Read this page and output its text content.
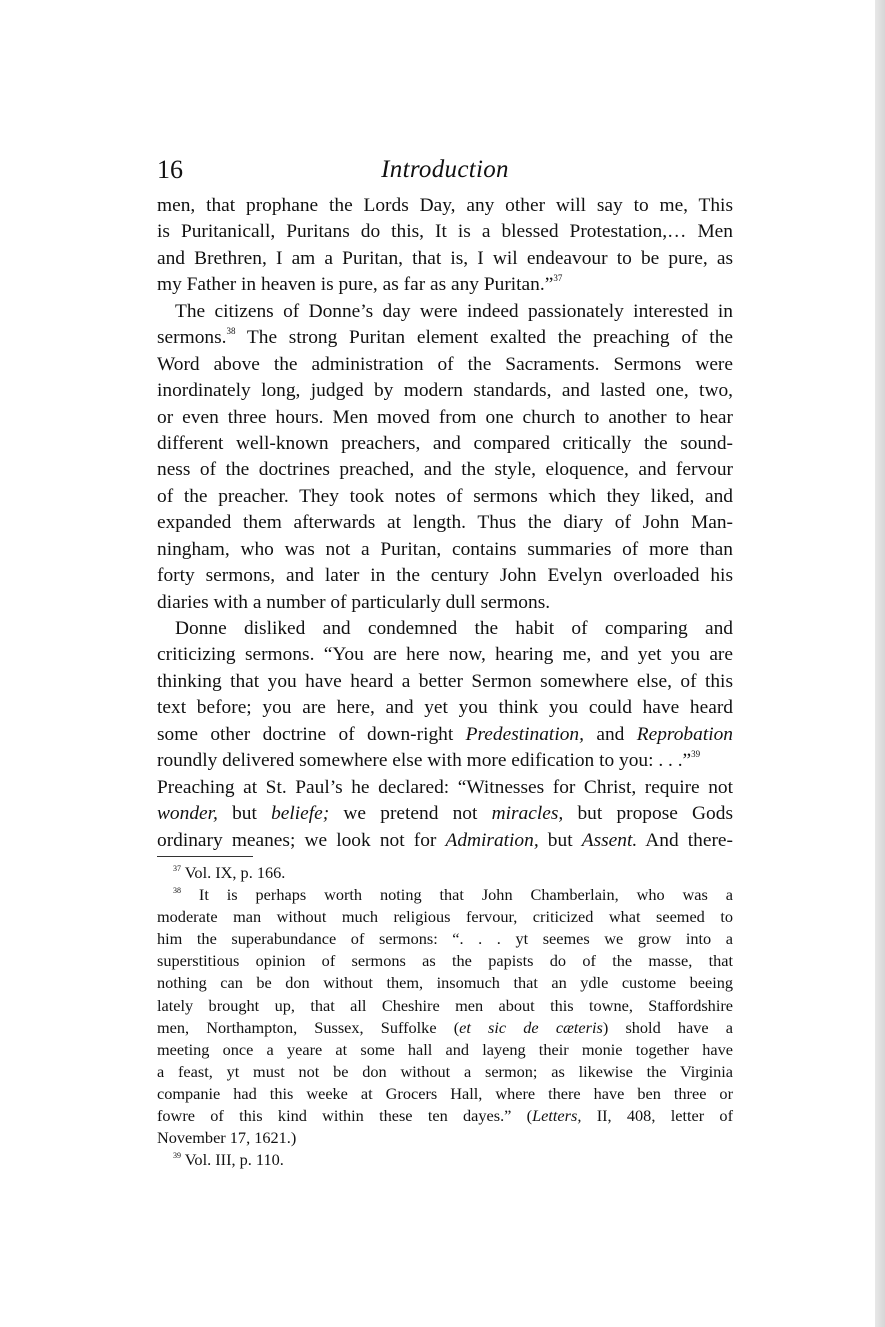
16	Introduction
men, that prophane the Lords Day, any other will say to me, This
is Puritanicall, Puritans do this, It is a blessed Protestation,… Men
and Brethren, I am a Puritan, that is, I wil endeavour to be pure, as
my Father in heaven is pure, as far as any Puritan.”$^{37}$
The citizens of Donne’s day were indeed passionately interested in
sermons.$^{38}$ The strong Puritan element exalted the preaching of the
Word above the administration of the Sacraments. Sermons were
inordinately long, judged by modern standards, and lasted one, two,
or even three hours. Men moved from one church to another to hear
different well-known preachers, and compared critically the sound-
ness of the doctrines preached, and the style, eloquence, and fervour
of the preacher. They took notes of sermons which they liked, and
expanded them afterwards at length. Thus the diary of John Man-
ningham, who was not a Puritan, contains summaries of more than
forty sermons, and later in the century John Evelyn overloaded his
diaries with a number of particularly dull sermons.
Donne disliked and condemned the habit of comparing and
criticizing sermons. “You are here now, hearing me, and yet you are
thinking that you have heard a better Sermon somewhere else, of this
text before; you are here, and yet you think you could have heard
some other doctrine of down-right Predestination, and Reprobation
roundly delivered somewhere else with more edification to you: . . .”$^{39}$
Preaching at St. Paul’s he declared: “Witnesses for Christ, require not
wonder, but beliefe; we pretend not miracles, but propose Gods
ordinary meanes; we look not for Admiration, but Assent. And there-
$^{37}$ Vol. IX, p. 166.
$^{38}$ It is perhaps worth noting that John Chamberlain, who was a
moderate man without much religious fervour, criticized what seemed to
him the superabundance of sermons: “. . . yt seemes we grow into a
superstitious opinion of sermons as the papists do of the masse, that
nothing can be don without them, insomuch that an ydle custome beeing
lately brought up, that all Cheshire men about this towne, Staffordshire
men, Northampton, Sussex, Suffolke (et sic de cæteris) shold have a
meeting once a yeare at some hall and layeng their monie together have
a feast, yt must not be don without a sermon; as likewise the Virginia
companie had this weeke at Grocers Hall, where there have ben three or
fowre of this kind within these ten dayes.” (Letters, II, 408, letter of
November 17, 1621.)
$^{39}$ Vol. III, p. 110.
